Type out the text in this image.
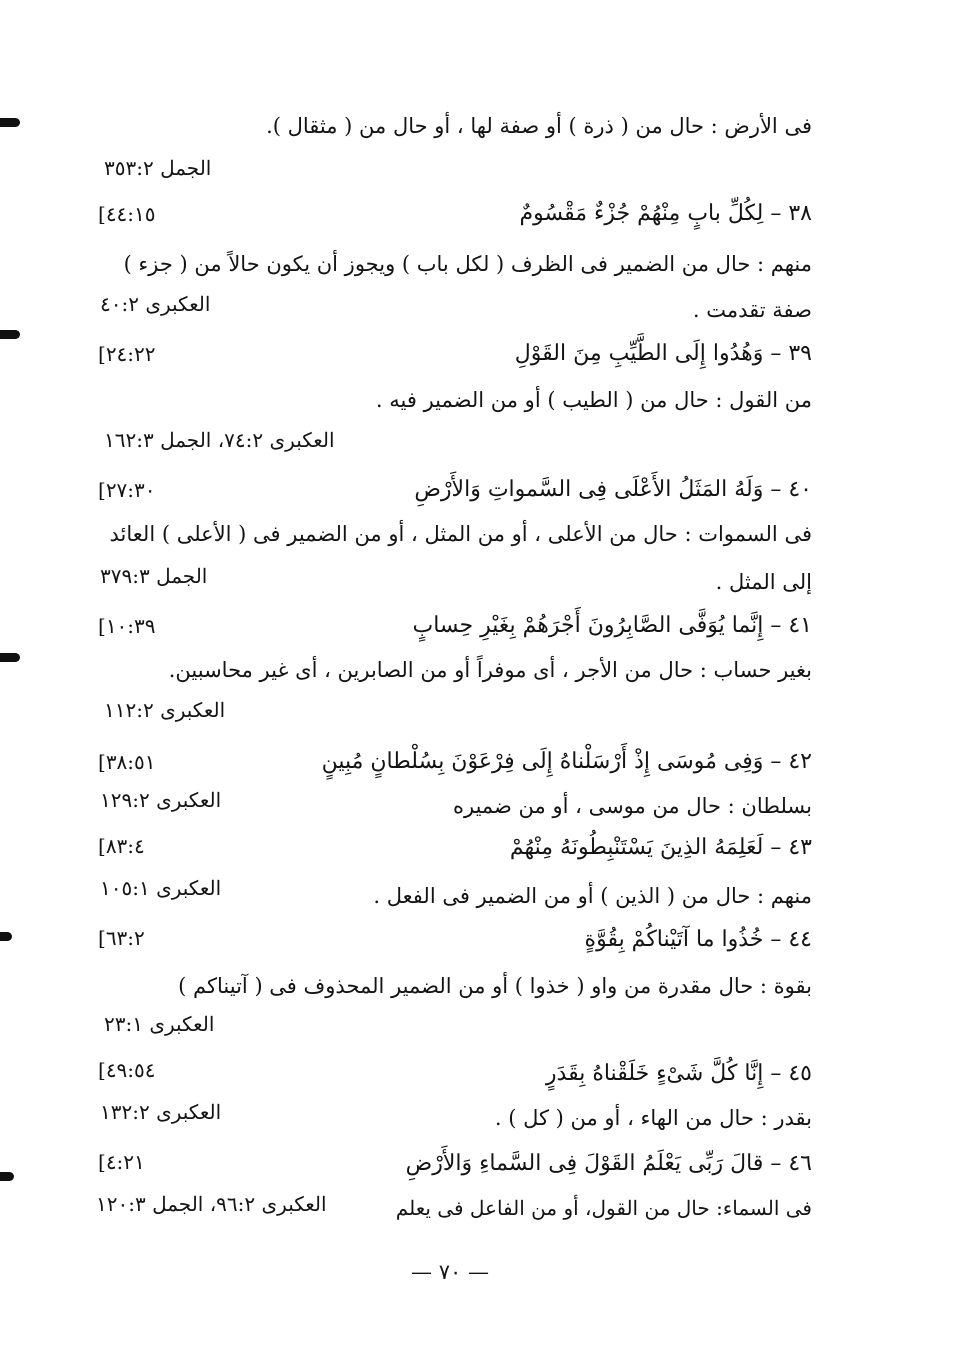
فى الأرض : حال من ( ذرة ) أو صفة لها ، أو حال من ( مثقال ).

الجمل ٣٥٣:٢

٣٨ – لِكُلِّ بابٍ مِنْهُمْ جُزْءٌ مَقْسُومٌ

[٤٤:١٥

منهم : حال من الضمير فى الظرف ( لكل باب ) ويجوز أن يكون حالاً من ( جزء )

العكبرى ٤٠:٢	صفة تقدمت .

٣٩ – وَهُدُوا إِلَى الطَّيِّبِ مِنَ القَوْلِ

[٢٤:٢٢

من القول : حال من ( الطيب ) أو من الضمير فيه .

العكبرى ٧٤:٢، الجمل ١٦٢:٣

٤٠ – وَلَهُ المَثَلُ الأَعْلَى فِى السَّمواتِ وَالأَرْضِ

[٢٧:٣٠

فى السموات : حال من الأعلى ، أو من المثل ، أو من الضمير فى ( الأعلى ) العائد

الجمل ٣٧٩:٣	إلى المثل .

٤١ – إِنَّما يُوَفَّى الصَّابِرُونَ أَجْرَهُمْ بِغَيْرِ حِسابٍ

[١٠:٣٩

بغير حساب : حال من الأجر ، أى موفراً أو من الصابرين ، أى غير محاسبين.

العكبرى ١١٢:٢

٤٢ – وَفِى مُوسَى إِذْ أَرْسَلْناهُ إِلَى فِرْعَوْنَ بِسُلْطانٍ مُبِينٍ

[٣٨:٥١

بسلطان : حال من موسى ، أو من ضميره

العكبرى ١٢٩:٢

٤٣ – لَعَلِمَهُ الذِينَ يَسْتَنْبِطُونَهُ مِنْهُمْ

[٨٣:٤

منهم : حال من ( الذين ) أو من الضمير فى الفعل .

العكبرى ١٠٥:١

٤٤ – خُذُوا ما آتَيْناكُمْ بِقُوَّةٍ

[٦٣:٢

بقوة : حال مقدرة من واو ( خذوا ) أو من الضمير المحذوف فى ( آتيناكم )

العكبرى ٢٣:١

٤٥ – إِنَّا كُلَّ شَىْءٍ خَلَقْناهُ بِقَدَرٍ

[٤٩:٥٤

بقدر : حال من الهاء ، أو من ( كل ) .

العكبرى ١٣٢:٢

٤٦ – قالَ رَبِّى يَعْلَمُ القَوْلَ فِى السَّماءِ وَالأَرْضِ

[٤:٢١

فى السماء: حال من القول، أو من الفاعل فى يعلم

العكبرى ٩٦:٢، الجمل ١٢٠:٣

— ٧٠ —
